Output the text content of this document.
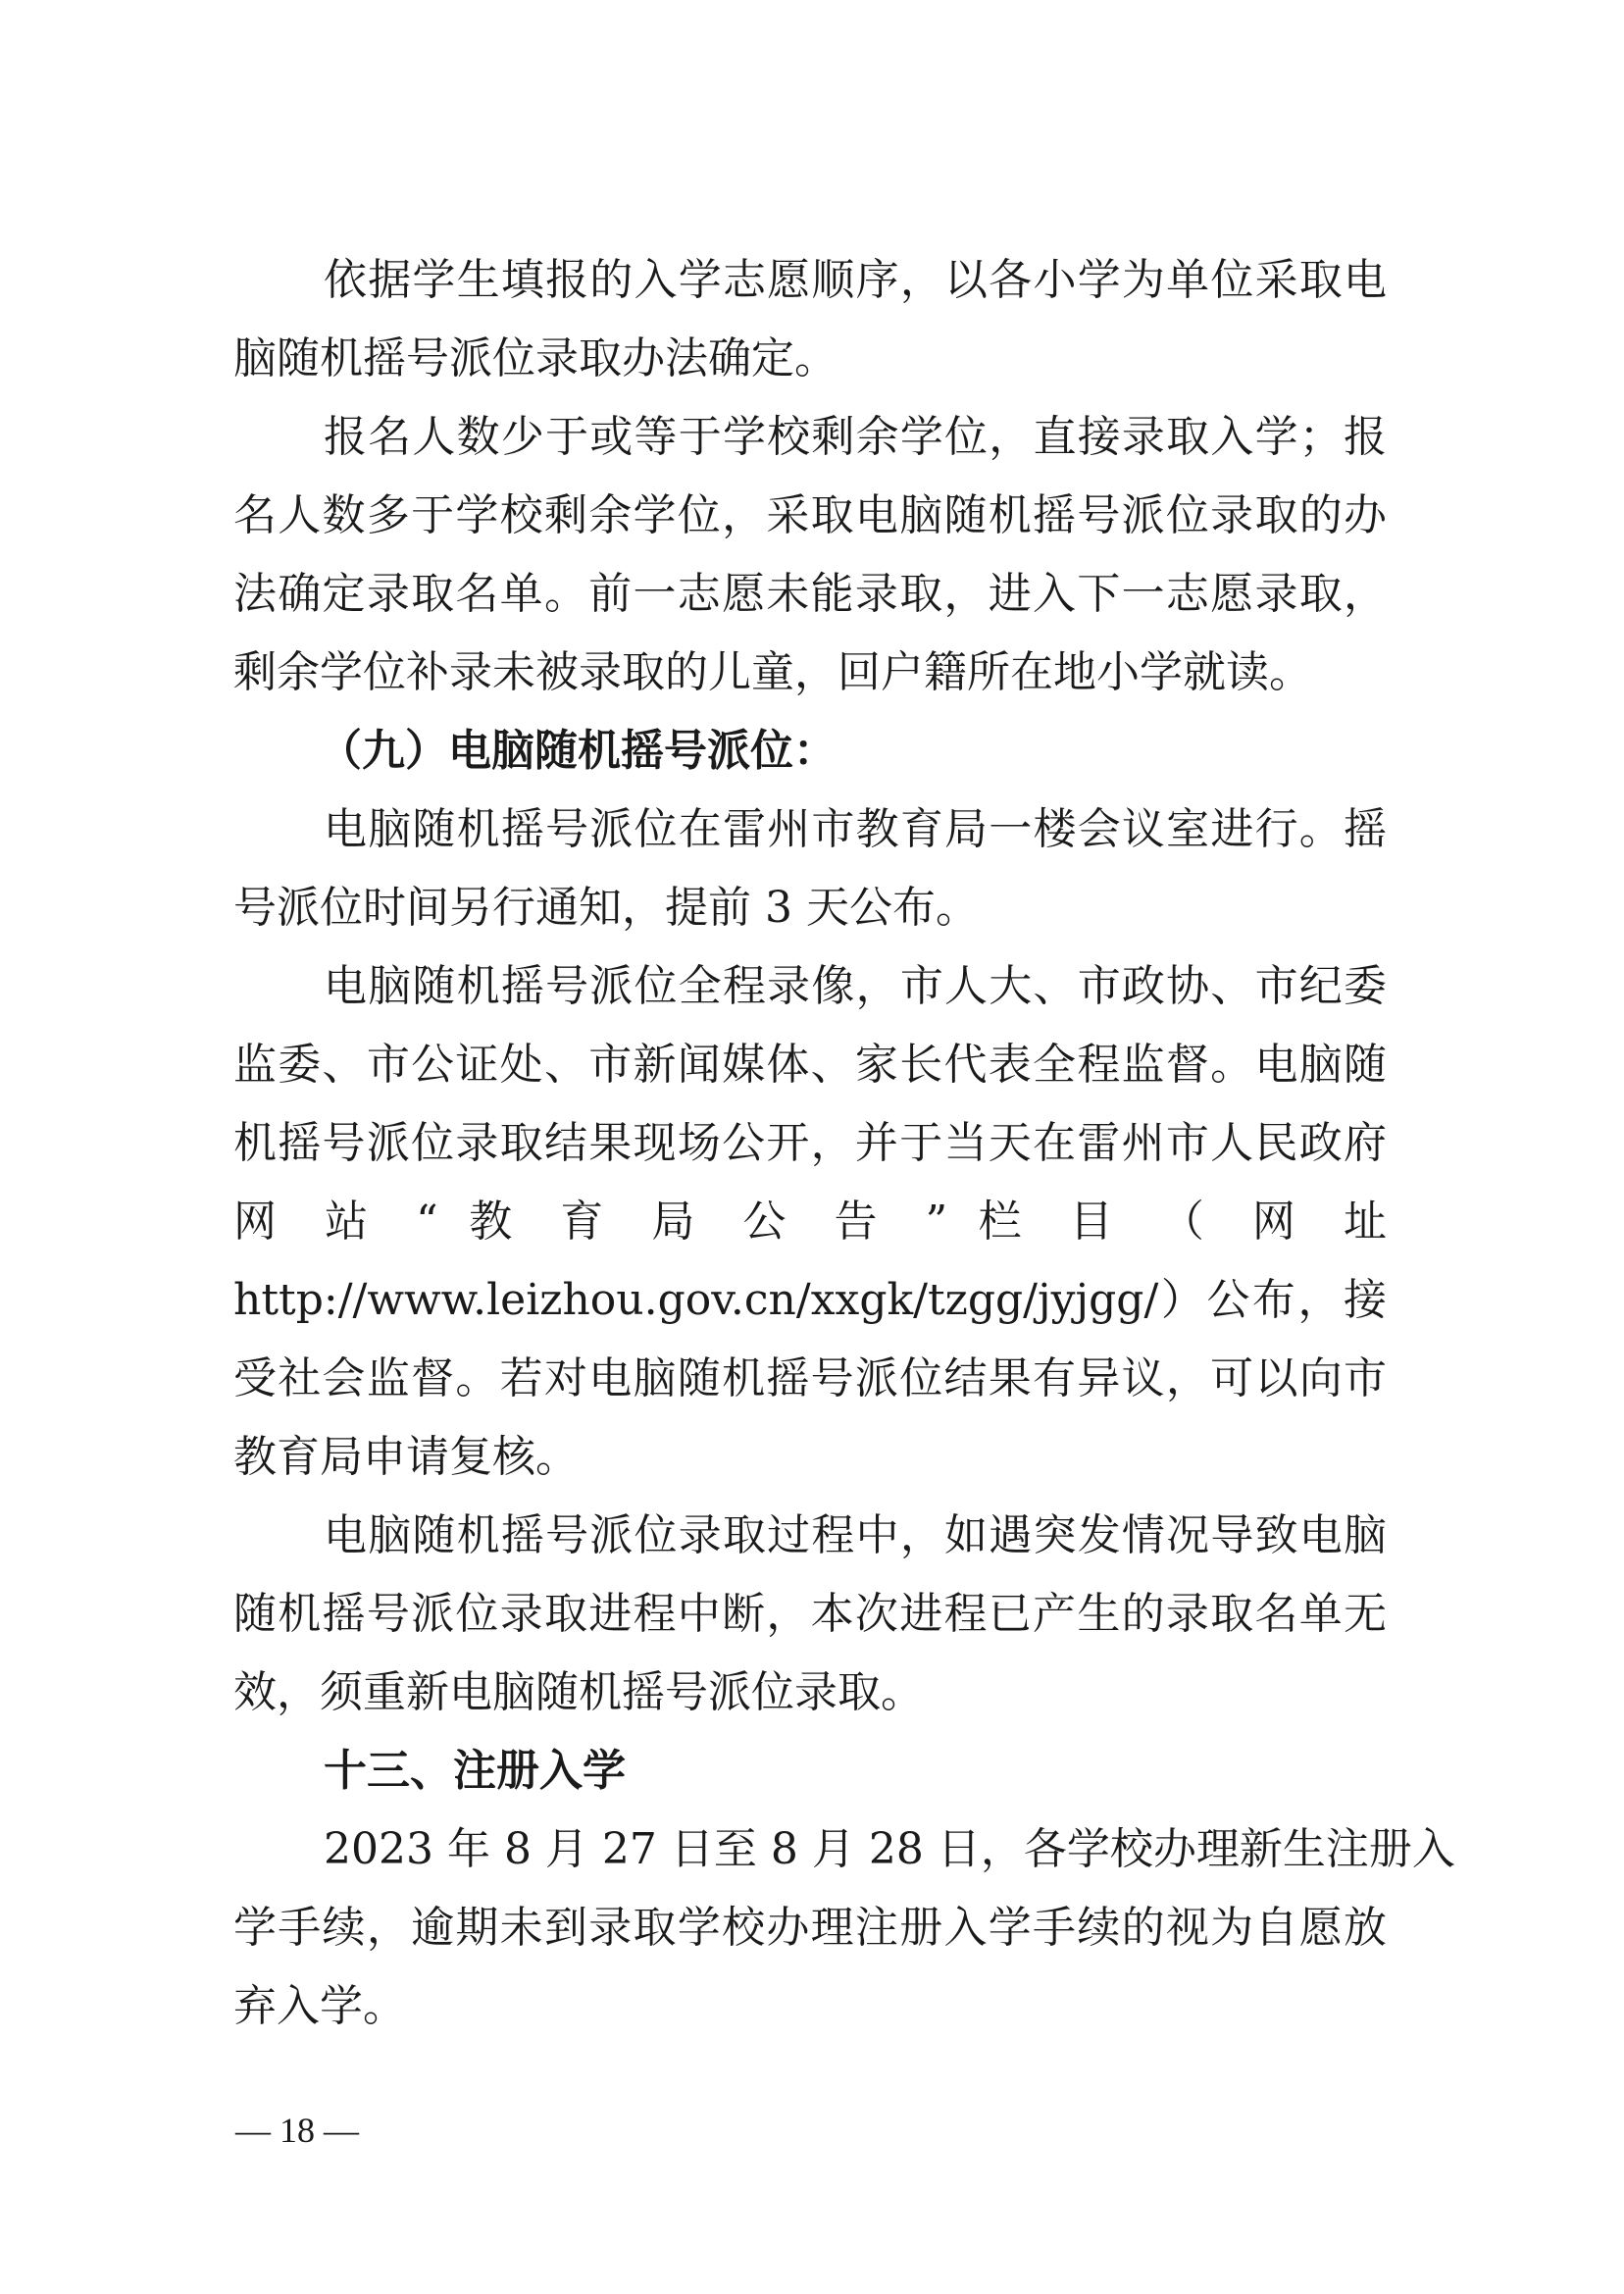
依据学生填报的入学志愿顺序，以各小学为单位采取电

脑随机摇号派位录取办法确定。

报名人数少于或等于学校剩余学位，直接录取入学；报

名人数多于学校剩余学位，采取电脑随机摇号派位录取的办

法确定录取名单。前一志愿未能录取，进入下一志愿录取，

剩余学位补录未被录取的儿童，回户籍所在地小学就读。

（九）电脑随机摇号派位：

电脑随机摇号派位在雷州市教育局一楼会议室进行。摇

号派位时间另行通知，提前 3 天公布。

电脑随机摇号派位全程录像，市人大、市政协、市纪委

监委、市公证处、市新闻媒体、家长代表全程监督。电脑随

机摇号派位录取结果现场公开，并于当天在雷州市人民政府

网 站 “ 教 育 局 公 告 ” 栏 目 （ 网 址

http://www.leizhou.gov.cn/xxgk/tzgg/jyjgg/）公布，接

受社会监督。若对电脑随机摇号派位结果有异议，可以向市

教育局申请复核。

电脑随机摇号派位录取过程中，如遇突发情况导致电脑

随机摇号派位录取进程中断，本次进程已产生的录取名单无

效，须重新电脑随机摇号派位录取。

十三、注册入学

2023 年 8 月 27 日至 8 月 28 日，各学校办理新生注册入

学手续，逾期未到录取学校办理注册入学手续的视为自愿放

弃入学。

— 18 —
